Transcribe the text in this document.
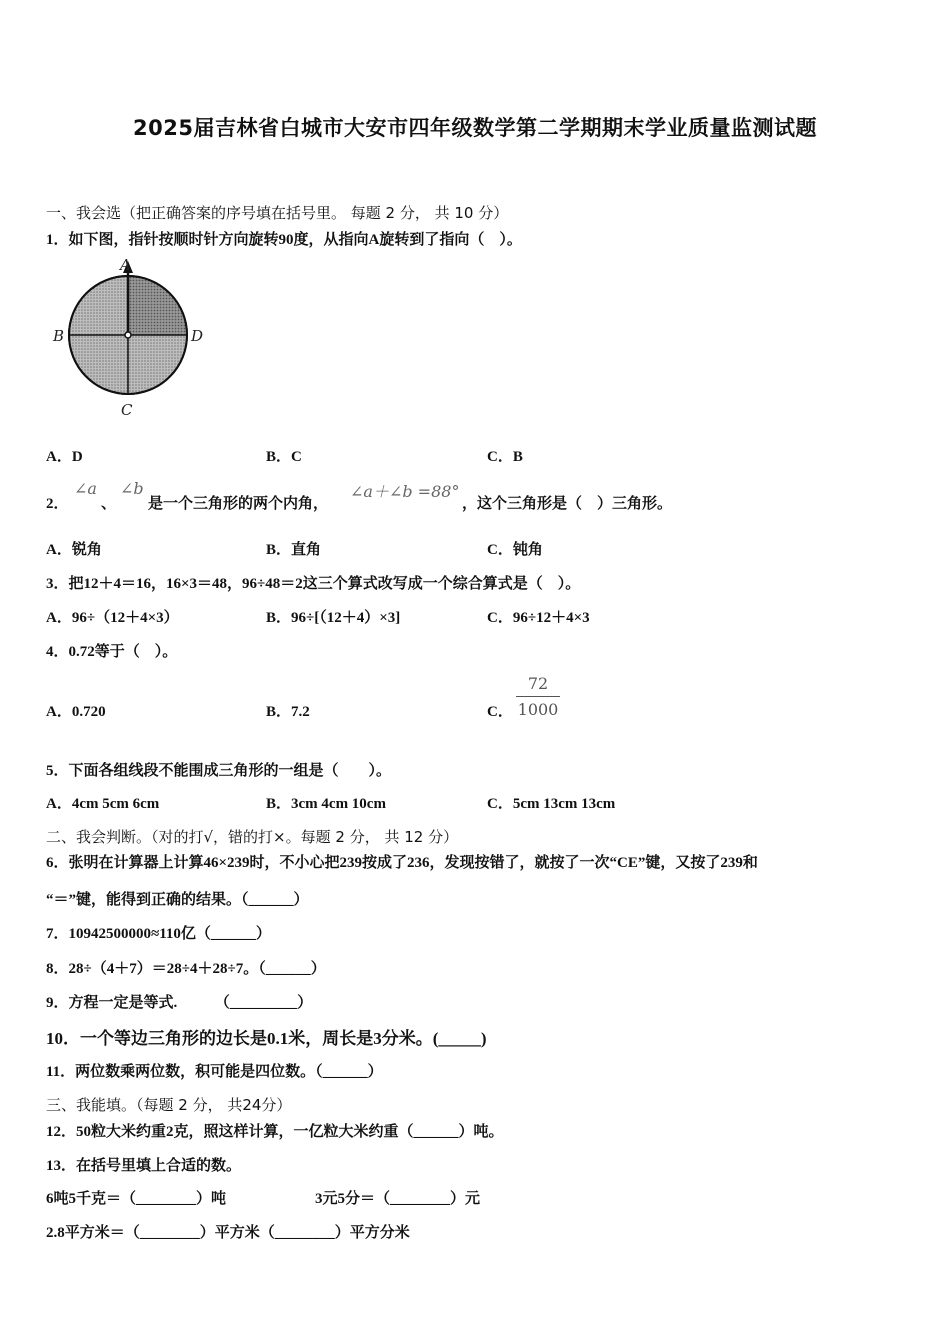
2025届吉林省白城市大安市四年级数学第二学期期末学业质量监测试题
一、我会选（把正确答案的序号填在括号里。 每题 2 分， 共 10 分）
1．如下图，指针按顺时针方向旋转90度，从指向A旋转到了指向（　）。
A
B	D
C
A．D	B．C	C．B
2．
∠a
、
∠b
是一个三角形的两个内角，
∠a＋∠b =88°
，这个三角形是（　）三角形。
A．锐角	B．直角	C．钝角
3．把12＋4＝16，16×3＝48，96÷48＝2这三个算式改写成一个综合算式是（　）。
A．96÷（12＋4×3）	B．96÷[（12＋4）×3]	C．96÷12＋4×3
4．0.72等于（　）。
A．0.720	B．7.2	C．
72
1000
5．下面各组线段不能围成三角形的一组是（　　）。
A．4cm 5cm 6cm	B．3cm 4cm 10cm	C．5cm 13cm 13cm
二、我会判断。（对的打√，错的打×。每题 2 分， 共 12 分）
6．张明在计算器上计算46×239时，不小心把239按成了236，发现按错了，就按了一次“CE”键，又按了239和
“＝”键，能得到正确的结果。（______）
7．10942500000≈110亿（______）
8．28÷（4＋7）＝28÷4＋28÷7。（______）
9．方程一定是等式.　　　（_________）
10．一个等边三角形的边长是0.1米，周长是3分米。(_____)
11．两位数乘两位数，积可能是四位数。（______）
三、我能填。（每题 2 分， 共24分）
12．50粒大米约重2克，照这样计算，一亿粒大米约重（______）吨。
13．在括号里填上合适的数。
6吨5千克＝（________）吨	3元5分＝（________）元
2.8平方米＝（________）平方米（________）平方分米
